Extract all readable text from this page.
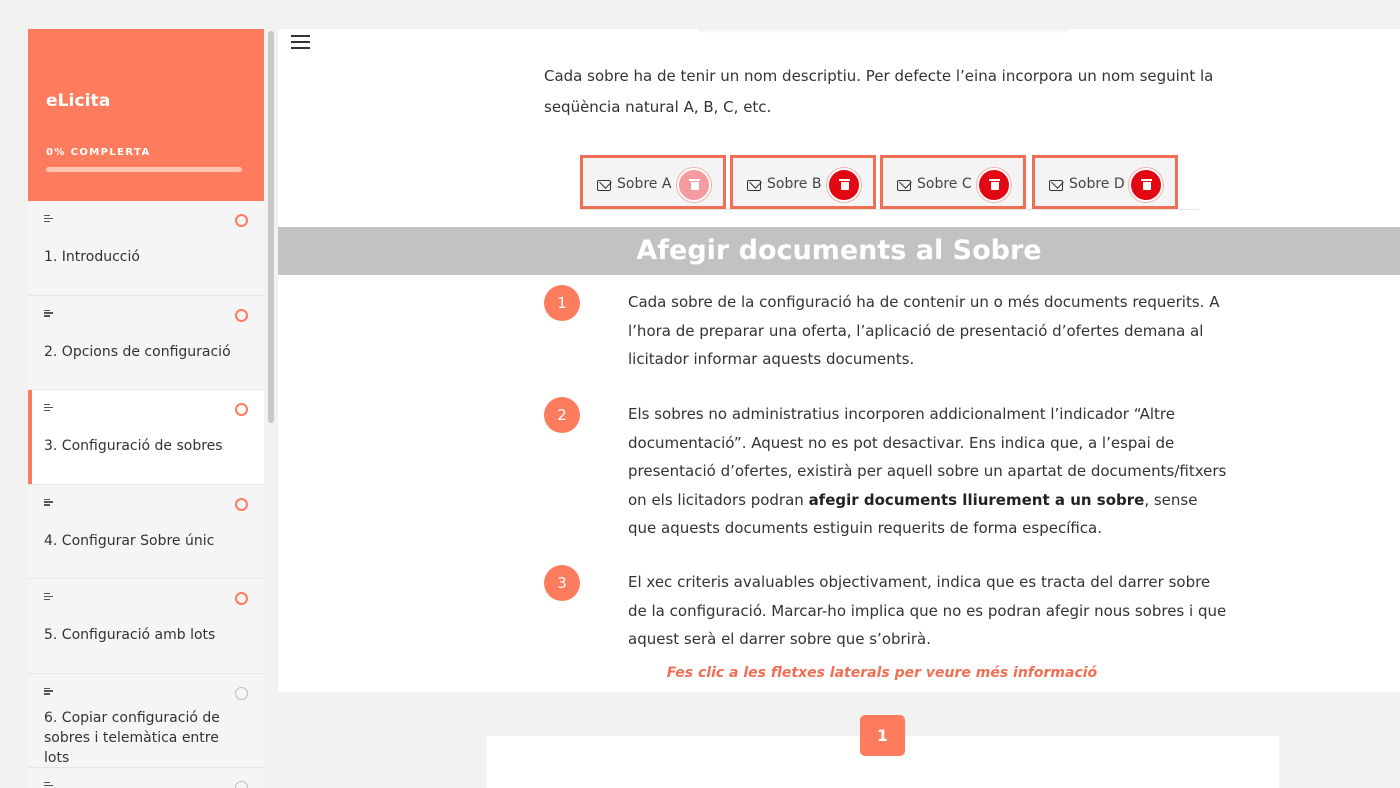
eLicita
0% COMPLERTA
1. Introducció
2. Opcions de configuració
3. Configuració de sobres
4. Configurar Sobre únic
5. Configuració amb lots
6. Copiar configuració de sobres i telemàtica entre lots

Cada sobre ha de tenir un nom descriptiu. Per defecte l’eina incorpora un nom seguint la seqüència natural A, B, C, etc.

Sobre A	Sobre B	Sobre C	Sobre D
Afegir documents al Sobre
1	Cada sobre de la configuració ha de contenir un o més documents requerits. A l’hora de preparar una oferta, l’aplicació de presentació d’ofertes demana al licitador informar aquests documents.

2	Els sobres no administratius incorporen addicionalment l’indicador “Altre documentació”. Aquest no es pot desactivar. Ens indica que, a l’espai de presentació d’ofertes, existirà per aquell sobre un apartat de documents/fitxers on els licitadors podran afegir documents lliurement a un sobre, sense que aquests documents estiguin requerits de forma específica.

3	El xec criteris avaluables objectivament, indica que es tracta del darrer sobre de la configuració. Marcar-ho implica que no es podran afegir nous sobres i que aquest serà el darrer sobre que s’obrirà.

Fes clic a les fletxes laterals per veure més informació
1
